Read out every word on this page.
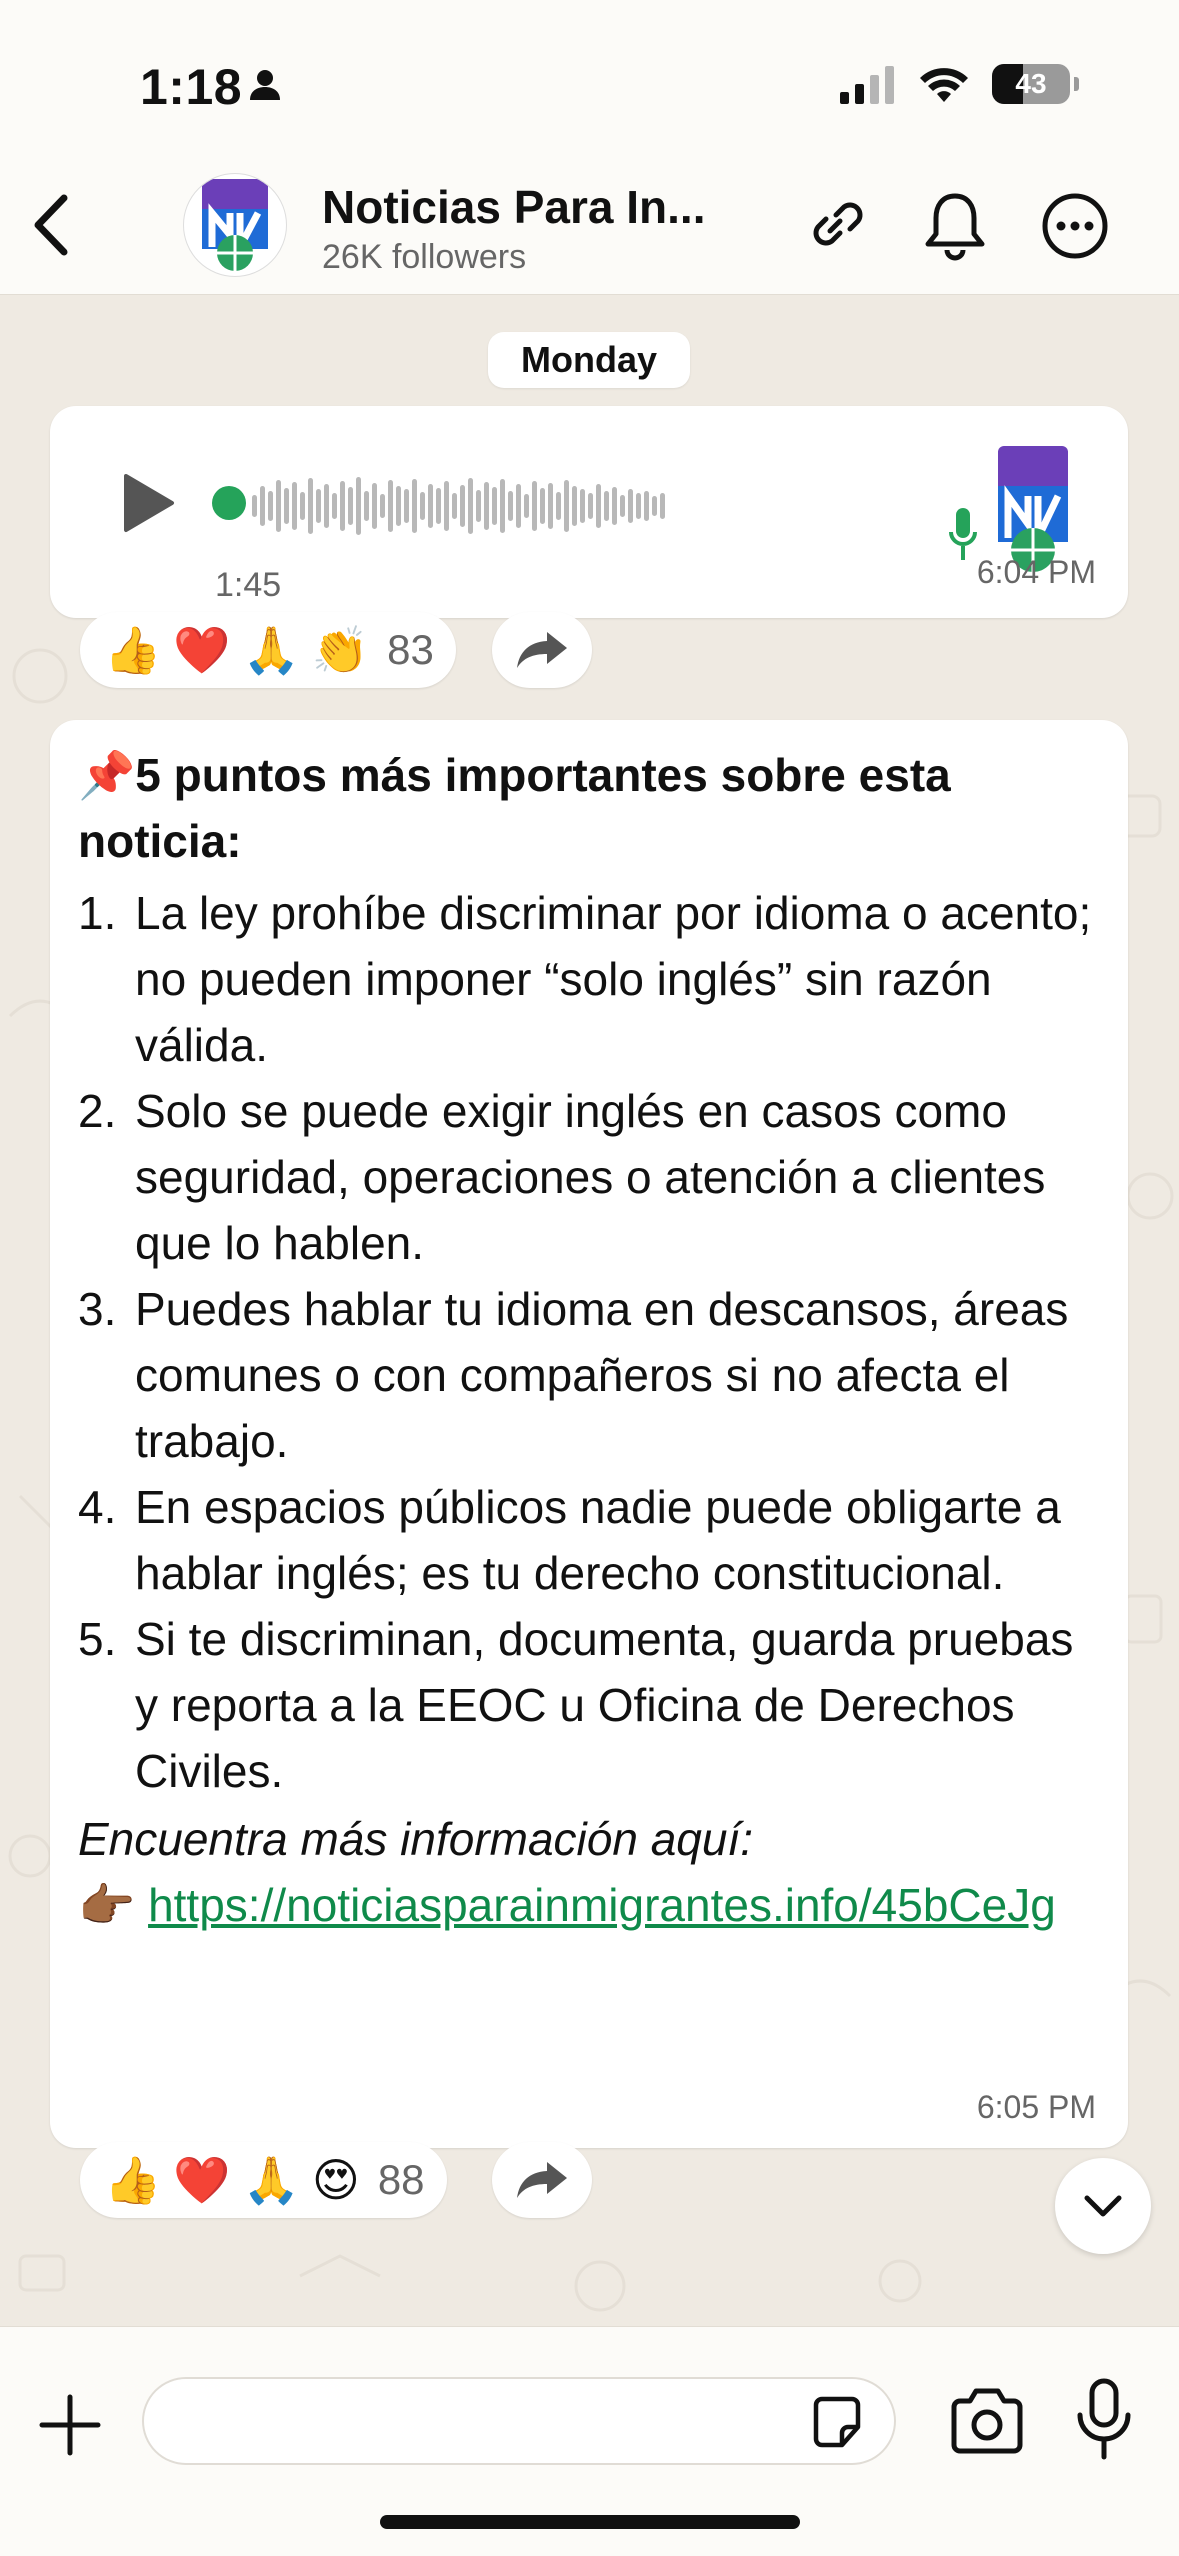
1:18	43
Noticias Para In...
26K followers
Monday
1:45	6:04 PM
👍 ❤️ 🙏 👏 83
📌5 puntos más importantes sobre esta noticia:
1. La ley prohíbe discriminar por idioma o acento; no pueden imponer “solo inglés” sin razón válida.
2. Solo se puede exigir inglés en casos como seguridad, operaciones o atención a clientes que lo hablen.
3. Puedes hablar tu idioma en descansos, áreas comunes o con compañeros si no afecta el trabajo.
4. En espacios públicos nadie puede obligarte a hablar inglés; es tu derecho constitucional.
5. Si te discriminan, documenta, guarda pruebas y reporta a la EEOC u Oficina de Derechos Civiles.
Encuentra más información aquí:
👉🏾 https://noticiasparainmigrantes.info/45bCeJg
6:05 PM
👍 ❤️ 🙏 😍 88
